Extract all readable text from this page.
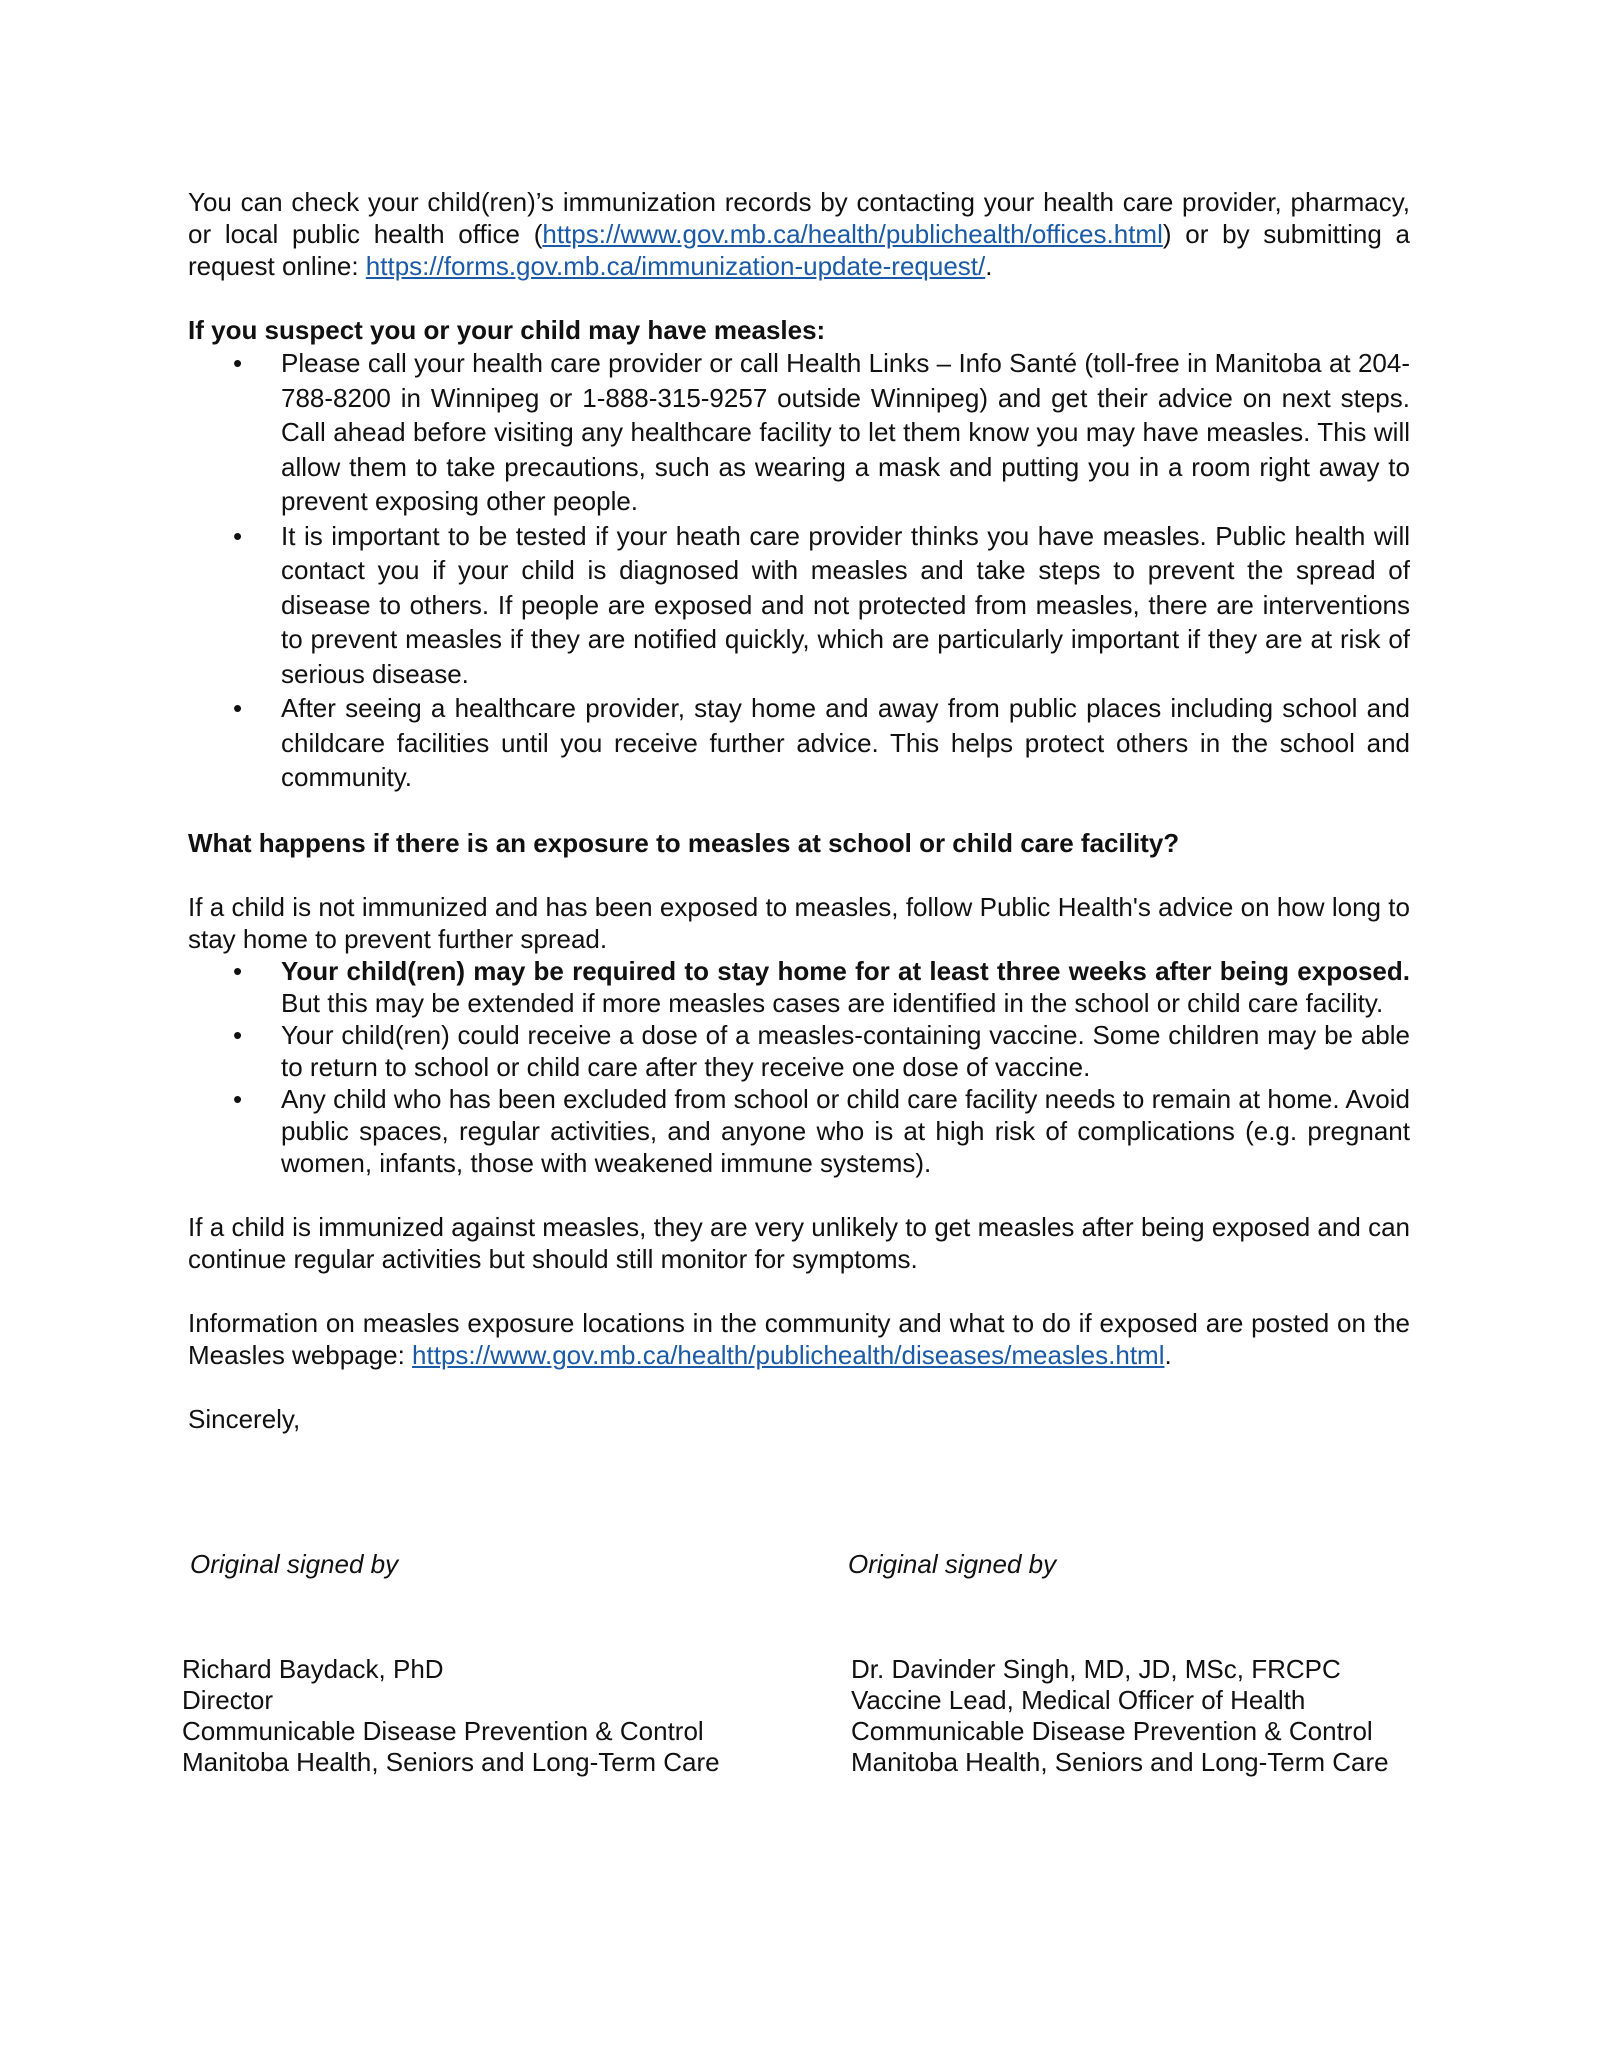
You can check your child(ren)’s immunization records by contacting your health care provider, pharmacy, or local public health office (https://www.gov.mb.ca/health/publichealth/offices.html) or by submitting a request online: https://forms.gov.mb.ca/immunization-update-request/.

If you suspect you or your child may have measles:

• Please call your health care provider or call Health Links – Info Santé (toll-free in Manitoba at 204-788-8200 in Winnipeg or 1-888-315-9257 outside Winnipeg) and get their advice on next steps. Call ahead before visiting any healthcare facility to let them know you may have measles. This will allow them to take precautions, such as wearing a mask and putting you in a room right away to prevent exposing other people.
• It is important to be tested if your heath care provider thinks you have measles. Public health will contact you if your child is diagnosed with measles and take steps to prevent the spread of disease to others. If people are exposed and not protected from measles, there are interventions to prevent measles if they are notified quickly, which are particularly important if they are at risk of serious disease.
• After seeing a healthcare provider, stay home and away from public places including school and childcare facilities until you receive further advice. This helps protect others in the school and community.

What happens if there is an exposure to measles at school or child care facility?

If a child is not immunized and has been exposed to measles, follow Public Health's advice on how long to stay home to prevent further spread.

• Your child(ren) may be required to stay home for at least three weeks after being exposed. But this may be extended if more measles cases are identified in the school or child care facility.
• Your child(ren) could receive a dose of a measles-containing vaccine. Some children may be able to return to school or child care after they receive one dose of vaccine.
• Any child who has been excluded from school or child care facility needs to remain at home. Avoid public spaces, regular activities, and anyone who is at high risk of complications (e.g. pregnant women, infants, those with weakened immune systems).

If a child is immunized against measles, they are very unlikely to get measles after being exposed and can continue regular activities but should still monitor for symptoms.

Information on measles exposure locations in the community and what to do if exposed are posted on the Measles webpage: https://www.gov.mb.ca/health/publichealth/diseases/measles.html.

Sincerely,

Original signed by	Original signed by
Richard Baydack, PhD
Director
Communicable Disease Prevention & Control
Manitoba Health, Seniors and Long-Term Care
Dr. Davinder Singh, MD, JD, MSc, FRCPC
Vaccine Lead, Medical Officer of Health
Communicable Disease Prevention & Control
Manitoba Health, Seniors and Long-Term Care
